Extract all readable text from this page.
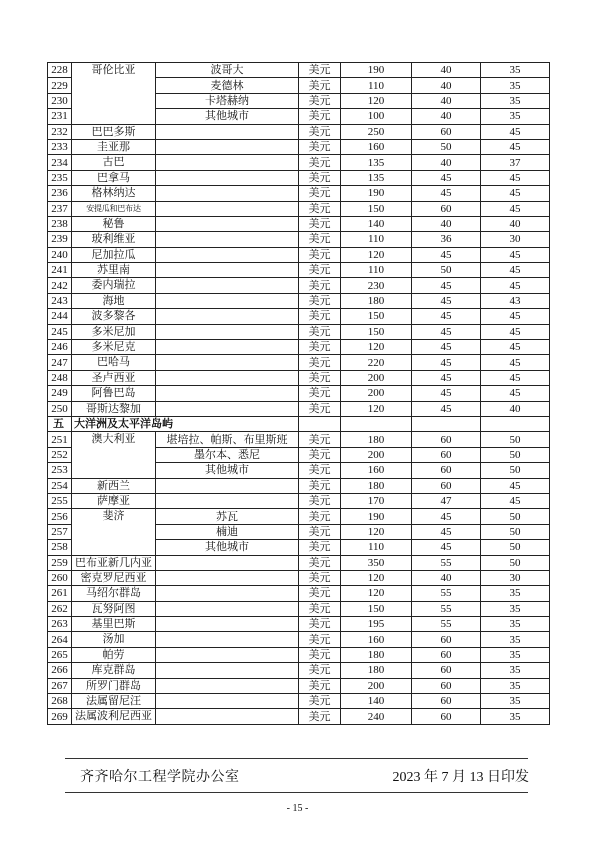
228	哥伦比亚	波哥大	美元	190	40	35
229		麦德林	美元	110	40	35
230		卡塔赫纳	美元	120	40	35
231		其他城市	美元	100	40	35
232	巴巴多斯		美元	250	60	45
233	圭亚那		美元	160	50	45
234	古巴		美元	135	40	37
235	巴拿马		美元	135	45	45
236	格林纳达		美元	190	45	45
237	安提瓜和巴布达		美元	150	60	45
238	秘鲁		美元	140	40	40
239	玻利维亚		美元	110	36	30
240	尼加拉瓜		美元	120	45	45
241	苏里南		美元	110	50	45
242	委内瑞拉		美元	230	45	45
243	海地		美元	180	45	43
244	波多黎各		美元	150	45	45
245	多米尼加		美元	150	45	45
246	多米尼克		美元	120	45	45
247	巴哈马		美元	220	45	45
248	圣卢西亚		美元	200	45	45
249	阿鲁巴岛		美元	200	45	45
250	哥斯达黎加		美元	120	45	40
五	大洋洲及太平洋岛屿					
251	澳大利亚	堪培拉、帕斯、布里斯班	美元	180	60	50
252		墨尔本、悉尼	美元	200	60	50
253		其他城市	美元	160	60	50
254	新西兰		美元	180	60	45
255	萨摩亚		美元	170	47	45
256	斐济	苏瓦	美元	190	45	50
257		楠迪	美元	120	45	50
258		其他城市	美元	110	45	50
259	巴布亚新几内亚		美元	350	55	50
260	密克罗尼西亚		美元	120	40	30
261	马绍尔群岛		美元	120	55	35
262	瓦努阿图		美元	150	55	35
263	基里巴斯		美元	195	55	35
264	汤加		美元	160	60	35
265	帕劳		美元	180	60	35
266	库克群岛		美元	180	60	35
267	所罗门群岛		美元	200	60	35
268	法属留尼汪		美元	140	60	35
269	法属波利尼西亚		美元	240	60	35
齐齐哈尔工程学院办公室	2023 年 7 月 13 日印发
- 15 -
